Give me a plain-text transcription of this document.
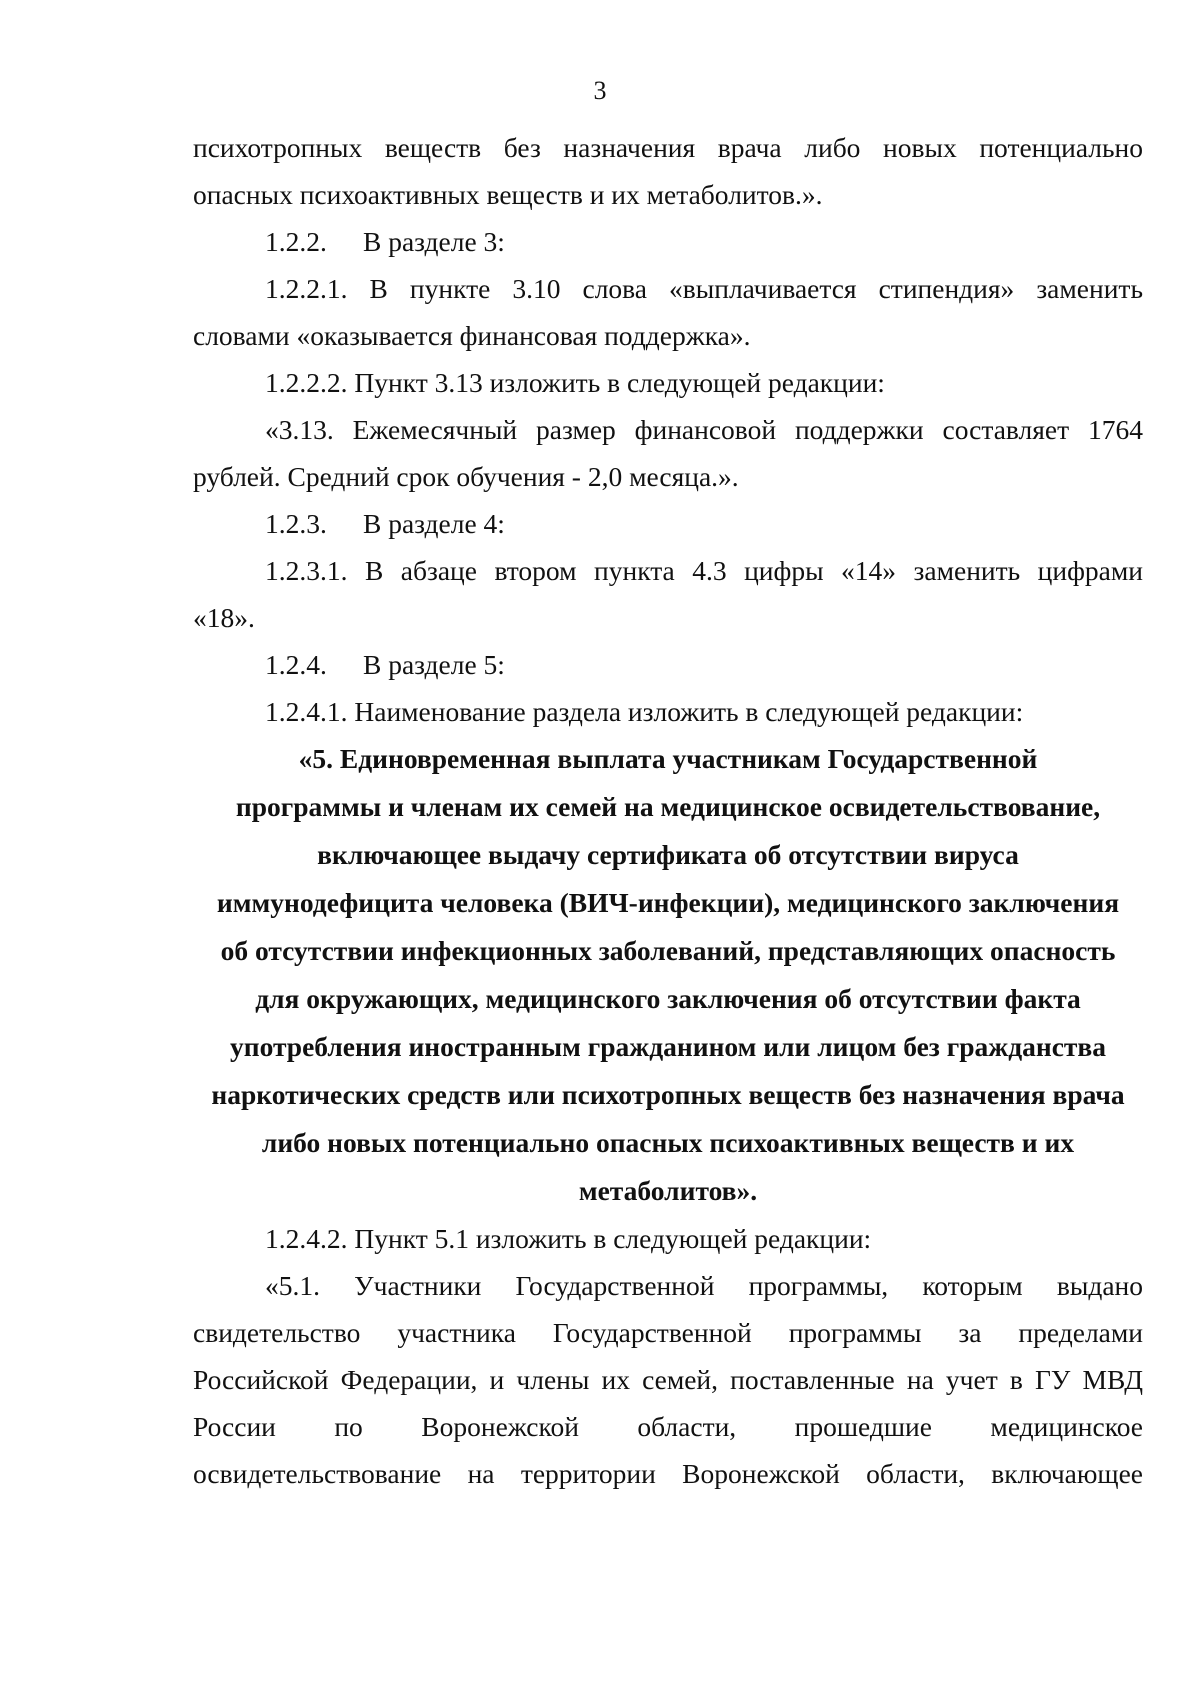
3

психотропных веществ без назначения врача либо новых потенциально

опасных психоактивных веществ и их метаболитов.».

1.2.2. В разделе 3:

1.2.2.1. В пункте 3.10 слова «выплачивается стипендия» заменить

словами «оказывается финансовая поддержка».

1.2.2.2. Пункт 3.13 изложить в следующей редакции:

«3.13. Ежемесячный размер финансовой поддержки составляет 1764

рублей. Средний срок обучения - 2,0 месяца.».

1.2.3. В разделе 4:

1.2.3.1. В абзаце втором пункта 4.3 цифры «14» заменить цифрами

«18».

1.2.4. В разделе 5:

1.2.4.1. Наименование раздела изложить в следующей редакции:

«5. Единовременная выплата участникам Государственной
программы и членам их семей на медицинское освидетельствование,
включающее выдачу сертификата об отсутствии вируса
иммунодефицита человека (ВИЧ-инфекции), медицинского заключения
об отсутствии инфекционных заболеваний, представляющих опасность
для окружающих, медицинского заключения об отсутствии факта
употребления иностранным гражданином или лицом без гражданства
наркотических средств или психотропных веществ без назначения врача
либо новых потенциально опасных психоактивных веществ и их
метаболитов».

1.2.4.2. Пункт 5.1 изложить в следующей редакции:

«5.1. Участники Государственной программы, которым выдано

свидетельство участника Государственной программы за пределами

Российской Федерации, и члены их семей, поставленные на учет в ГУ МВД

России по Воронежской области, прошедшие медицинское

освидетельствование на территории Воронежской области, включающее
